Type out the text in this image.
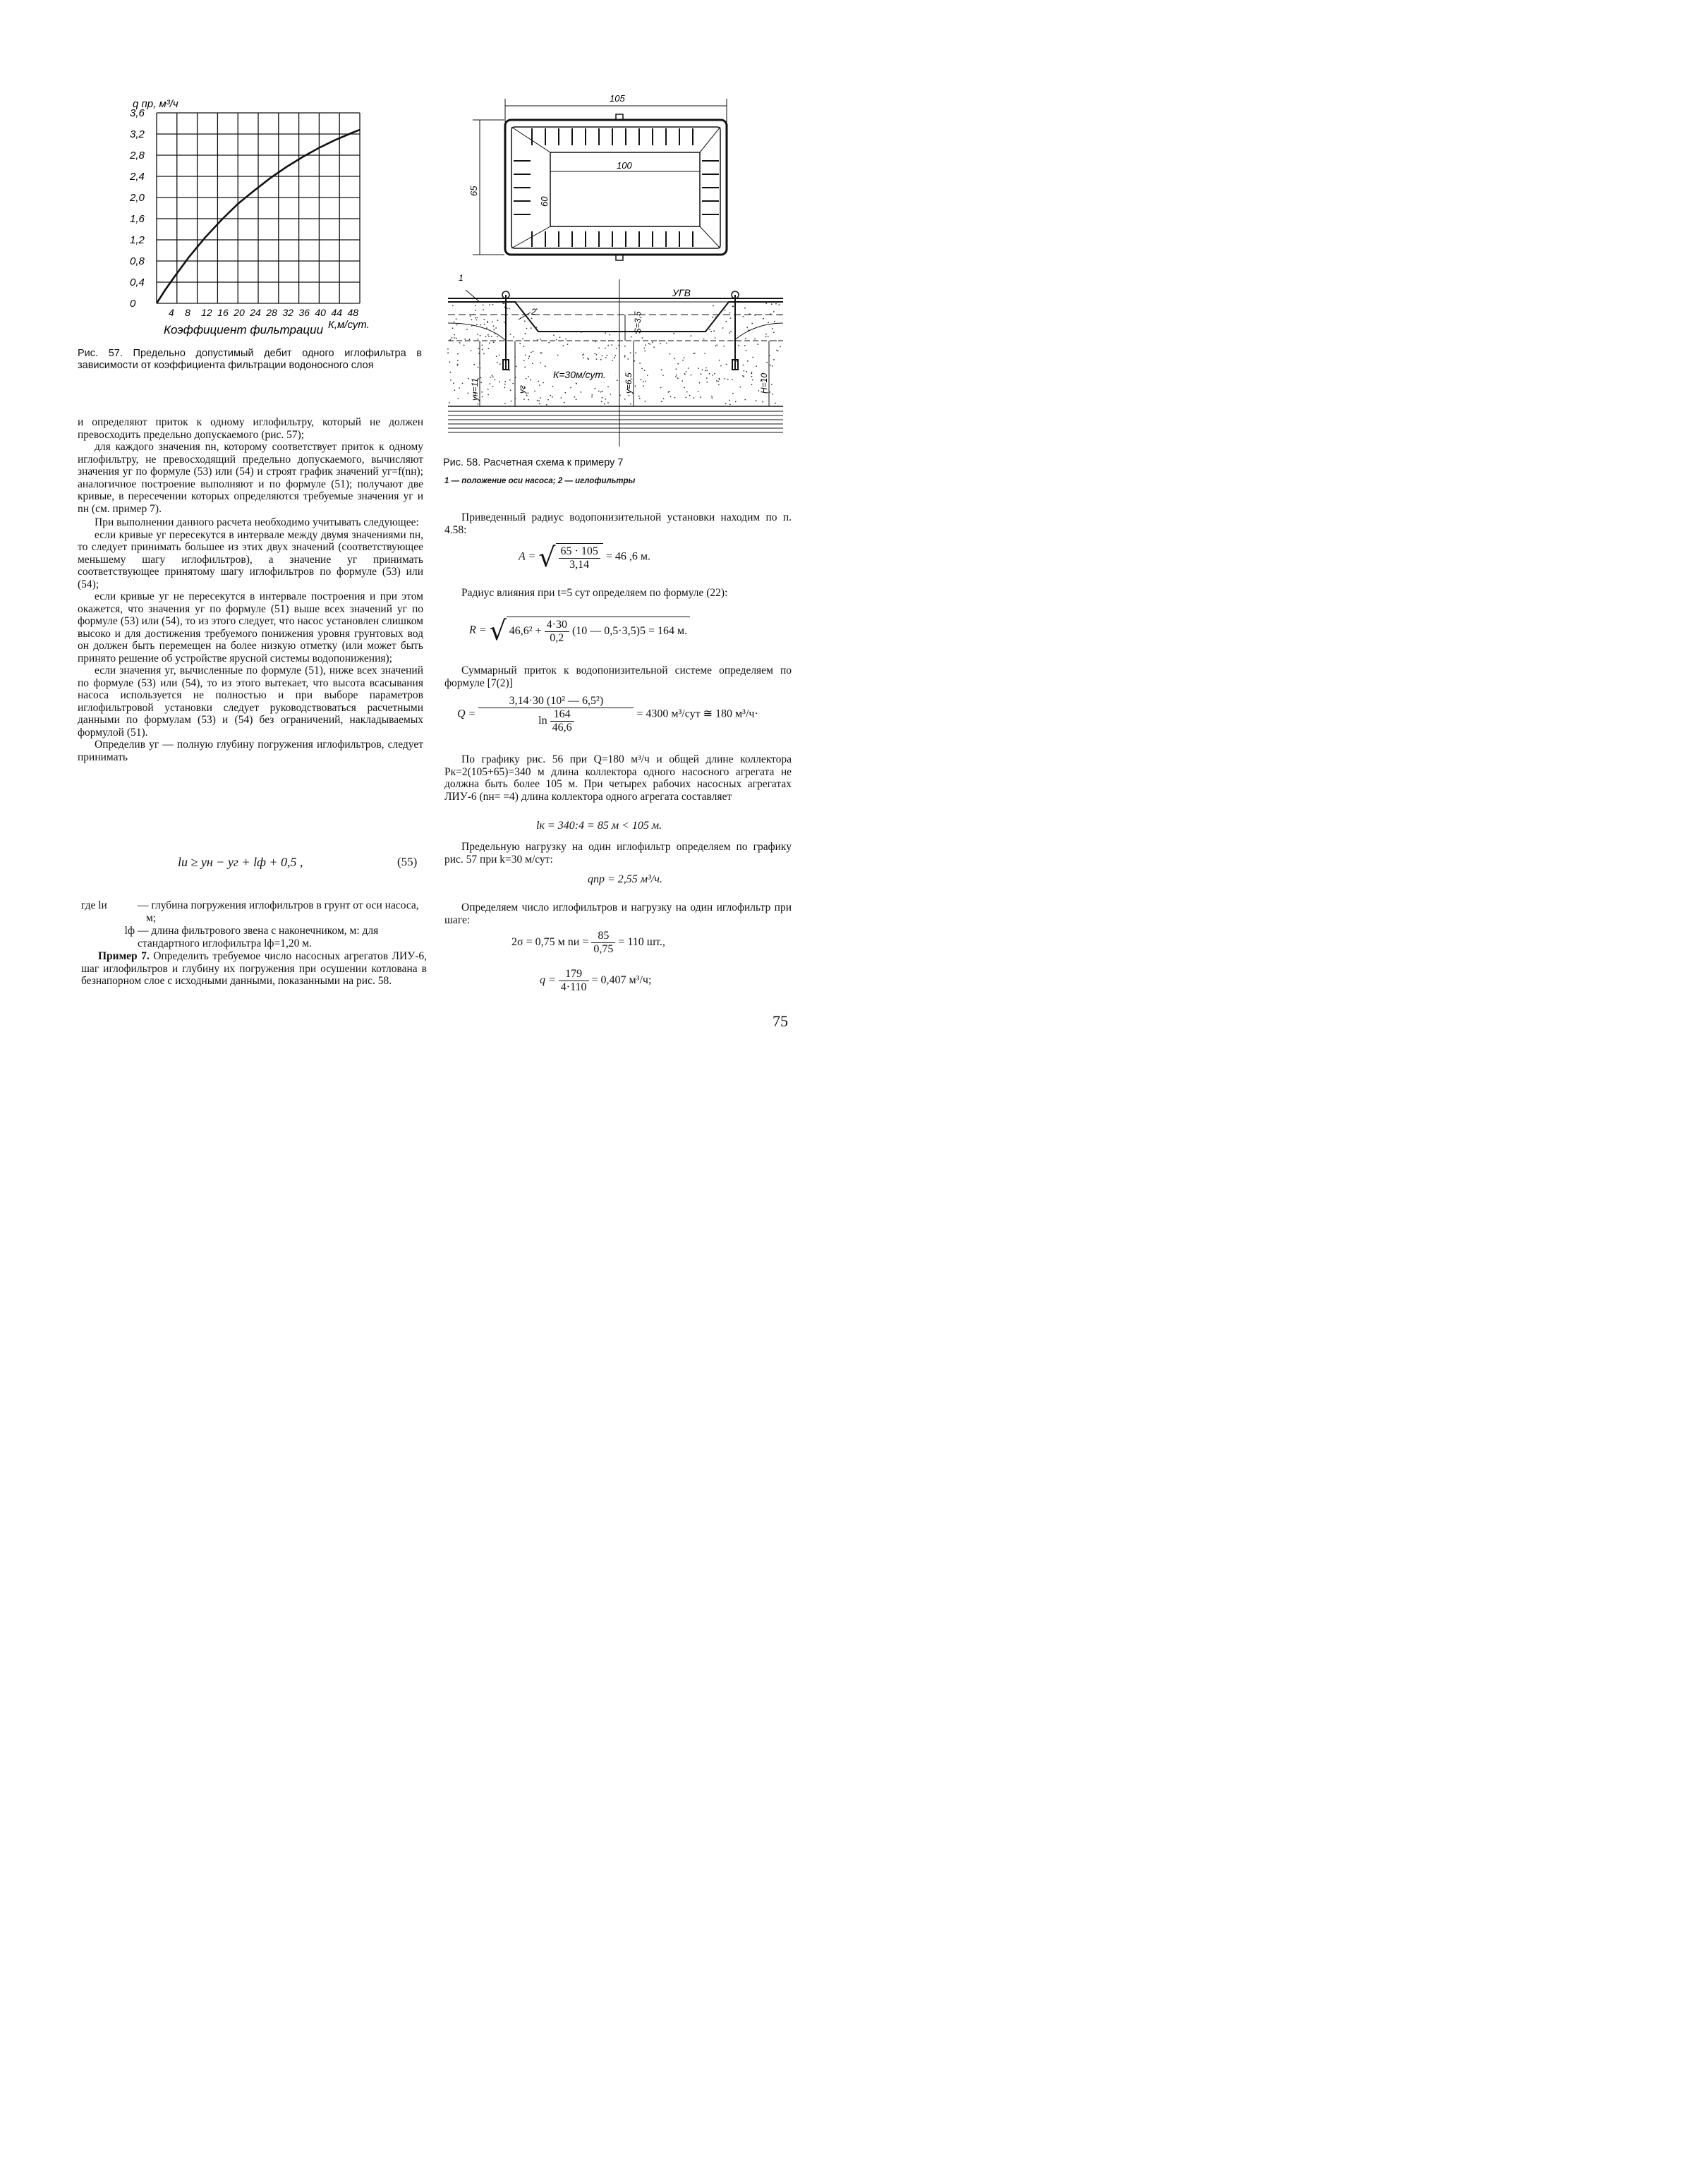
q пр, м³/ч
3,6
3,2
2,8
2,4
2,0
1,6
1,2
0,8
0,4
0
4 8 12 16 20 24 28 32 36 40 44 48
Коэффициент фильтрации К,м/сут.
Рис. 57. Предельно допустимый дебит одного иглофильтра в зависимости от коэффициента фильтрации водоносного слоя
105
100
65
60
УГВ
S=3,5
yн=11	yг
К=30м/сут. y=6,5	H=10
1
2
Рис. 58. Расчетная схема к примеру 7
1 — положение оси насоса; 2 — иглофильтры
и определяют приток к одному иглофильтру, который не должен превосходить предельно допускаемого (рис. 57);
для каждого значения nн, которому соответствует приток к одному иглофильтру, не превосходящий предельно допускаемого, вычисляют значения yг по формуле (53) или (54) и строят график значений yг=f(nн); аналогичное построение выполняют и по формуле (51); получают две кривые, в пересечении которых определяются требуемые значения yг и nн (см. пример 7).
При выполнении данного расчета необходимо учитывать следующее:
если кривые yг пересекутся в интервале между двумя значениями nн, то следует принимать большее из этих двух значений (соответствующее меньшему шагу иглофильтров), а значение yг принимать соответствующее принятому шагу иглофильтров по формуле (53) или (54);
если кривые yг не пересекутся в интервале построения и при этом окажется, что значения yг по формуле (51) выше всех значений yг по формуле (53) или (54), то из этого следует, что насос установлен слишком высоко и для достижения требуемого понижения уровня грунтовых вод он должен быть перемещен на более низкую отметку (или может быть принято решение об устройстве ярусной системы водопонижения);
если значения yг, вычисленные по формуле (51), ниже всех значений по формуле (53) или (54), то из этого вытекает, что высота всасывания насоса используется не полностью и при выборе параметров иглофильтровой установки следует руководствоваться расчетными данными по формулам (53) и (54) без ограничений, накладываемых формулой (51).
Определив yг — полную глубину погружения иглофильтров, следует принимать
lи ≥ yн − yг + lф + 0,5 ,	(55)
где lи	— глубина погружения иглофильтров в грунт от оси насоса, м;
lф — длина фильтрового звена с наконечником, м: для стандартного иглофильтра lф=1,20 м.
Пример 7. Определить требуемое число насосных агрегатов ЛИУ-6, шаг иглофильтров и глубину их погружения при осушении котлована в безнапорном слое с исходными данными, показанными на рис. 58.
Приведенный радиус водопонизительной установки находим по п. 4.58:
A = √ $\frac{65 \cdot 105}{3,14} = 46$ ,6 м.
Радиус влияния при t=5 сут определяем по формуле (22):
R = √ $46,6^2 + \frac{4\cdot 30}{0,2} (10$ — 0,5·3,5)5 = 164 м.
Суммарный приток к водопонизительной системе определяем по формуле [7(2)]
$Q = \frac{\text{3,14·30 (10² — 6,5²)}}{\ln \frac{164}{46,6}} = 4300$ м³/сут ≅ 180 м³/ч·
По графику рис. 56 при Q=180 м³/ч и общей длине коллектора Pк=2(105+65)=340 м длина коллектора одного насосного агрегата не должна быть более 105 м. При четырех рабочих насосных агрегатах ЛИУ-6 (nн= =4) длина коллектора одного агрегата составляет
lк = 340:4 = 85 м < 105 м.
Предельную нагрузку на один иглофильтр определяем по графику рис. 57 при k=30 м/сут:
qпр = 2,55 м³/ч.
Определяем число иглофильтров и нагрузку на один иглофильтр при шаге:
2σ = 0,75 м nи = $\frac{85}{0,75} = 110$ шт.,
$q = \frac{179}{4\cdot 110} = 0,407$ м³/ч;
75
